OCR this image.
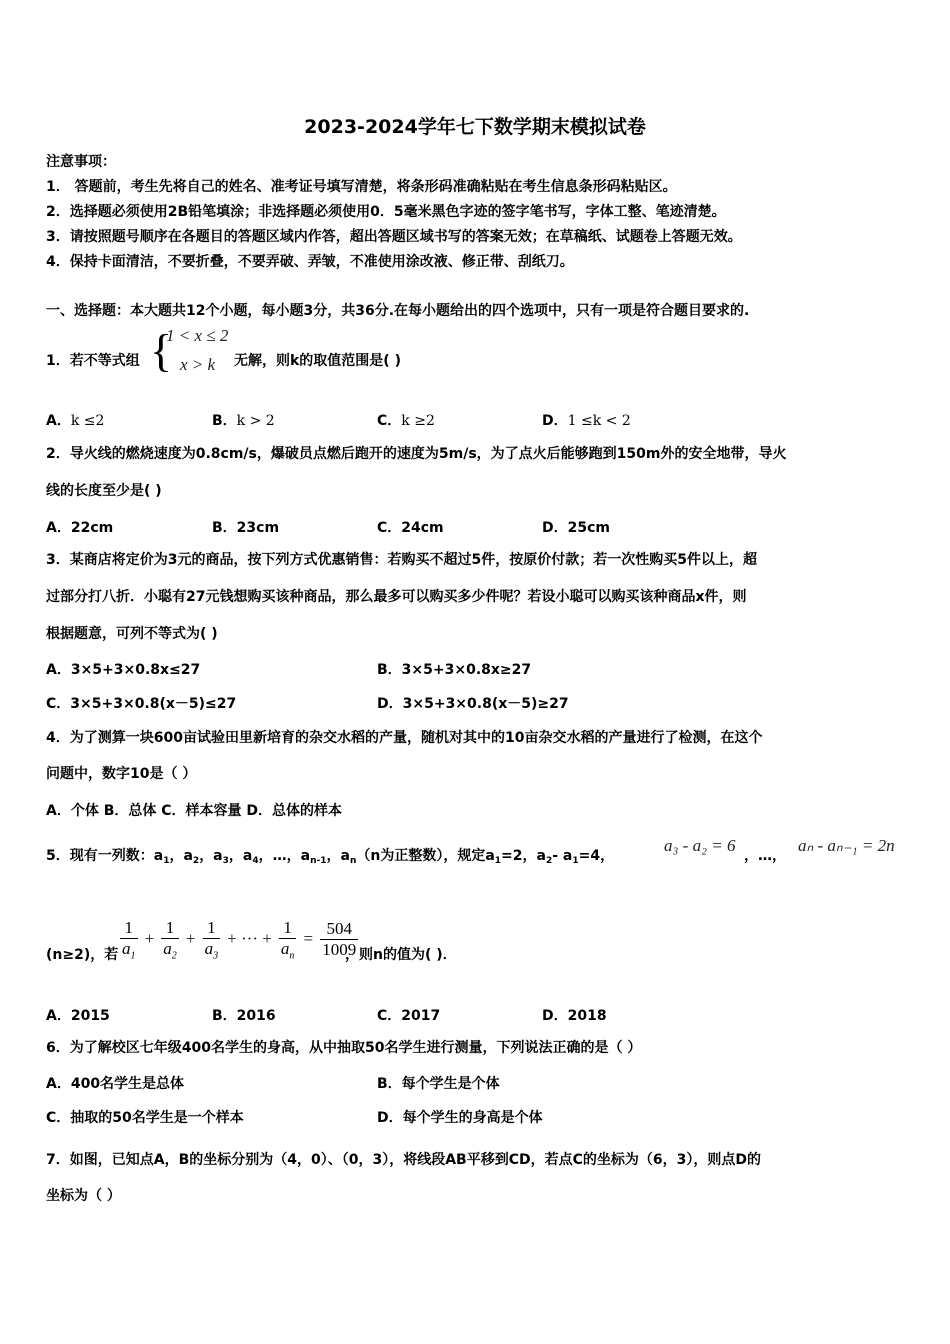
2023-2024学年七下数学期末模拟试卷
注意事项：
1． 答题前，考生先将自己的姓名、准考证号填写清楚，将条形码准确粘贴在考生信息条形码粘贴区。
2．选择题必须使用2B铅笔填涂；非选择题必须使用0．5毫米黑色字迹的签字笔书写，字体工整、笔迹清楚。
3．请按照题号顺序在各题目的答题区域内作答，超出答题区域书写的答案无效；在草稿纸、试题卷上答题无效。
4．保持卡面清洁，不要折叠，不要弄破、弄皱，不准使用涂改液、修正带、刮纸刀。
一、选择题：本大题共12个小题，每小题3分，共36分.在每小题给出的四个选项中，只有一项是符合题目要求的.
1．若不等式组 {
1 < x ≤ 2
x > k 无解，则k的取值范围是( )
A．k ≤2	B．k > 2	C．k ≥2	D．1 ≤k < 2
2．导火线的燃烧速度为0.8cm/s，爆破员点燃后跑开的速度为5m/s，为了点火后能够跑到150m外的安全地带，导火
线的长度至少是( )
A．22cm	B．23cm	C．24cm	D．25cm
3．某商店将定价为3元的商品，按下列方式优惠销售：若购买不超过5件，按原价付款；若一次性购买5件以上，超
过部分打八折．小聪有27元钱想购买该种商品，那么最多可以购买多少件呢？若设小聪可以购买该种商品x件，则
根据题意，可列不等式为( )
A．3×5+3×0.8x≤27	B．3×5+3×0.8x≥27
C．3×5+3×0.8(x－5)≤27	D．3×5+3×0.8(x－5)≥27
4．为了测算一块600亩试验田里新培育的杂交水稻的产量，随机对其中的10亩杂交水稻的产量进行了检测，在这个
问题中，数字10是（ ）
A．个体 B．总体 C．样本容量 D．总体的样本
5．现有一列数：$a_1$，$a_2$，$a_3$，$a_4$，…，$a_{n-1}$，$a_n(n$为正整数），规定$a_1=2$，$a_2-$ $a_1=4$，
a₃ - a₂ = 6
，…，
aₙ - aₙ₋₁ = 2n
(n≥2)，若 $\frac{1}{a_1} + \frac{1}{a_2} + \frac{1}{a_3}$ + ··· + $\frac{1}{a_n} = \frac{504}{1009}$
，则n的值为( )．
A．2015	B．2016	C．2017	D．2018
6．为了解校区七年级400名学生的身高，从中抽取50名学生进行测量，下列说法正确的是（ ）
A．400名学生是总体	B．每个学生是个体
C．抽取的50名学生是一个样本	D．每个学生的身高是个体
7．如图，已知点A，B的坐标分别为（4，0）、（0，3），将线段AB平移到CD，若点C的坐标为（6，3），则点D的
坐标为（ ）
